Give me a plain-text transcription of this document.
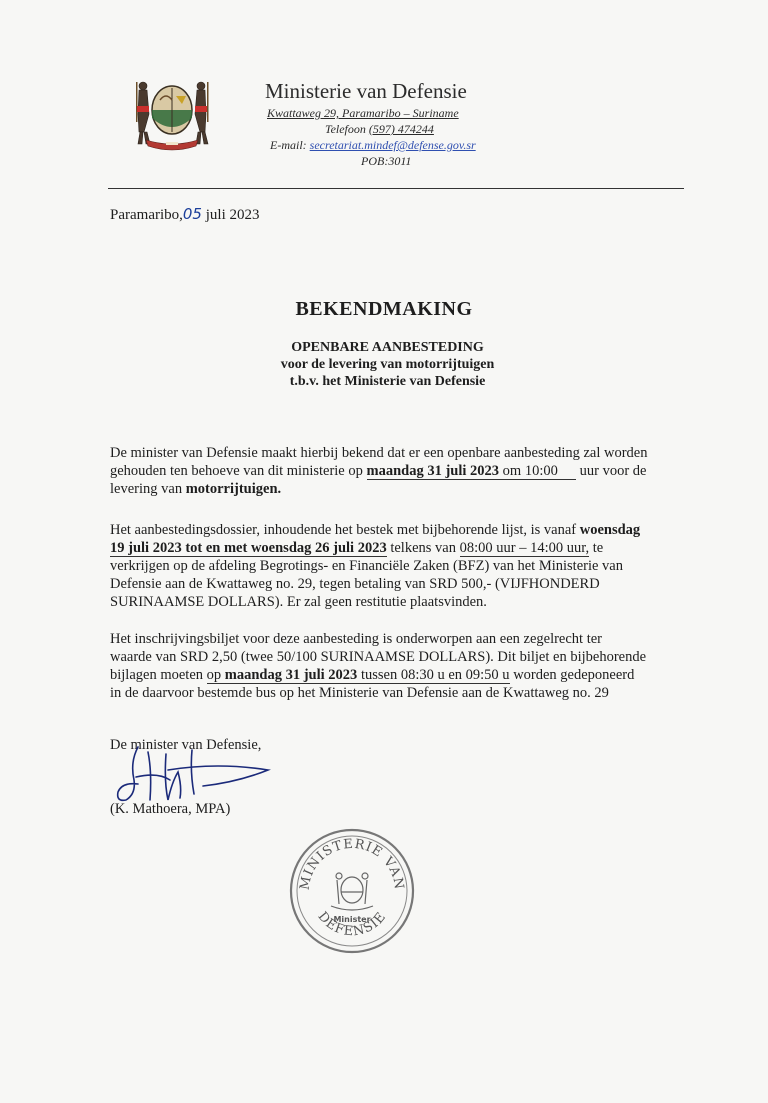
Ministerie van Defensie
Kwattaweg 29, Paramaribo – Suriname
Telefoon (597) 474244
E-mail: secretariat.mindef@defense.gov.sr
POB:3011
Paramaribo,05 juli 2023
BEKENDMAKING
OPENBARE AANBESTEDING
voor de levering van motorrijtuigen
t.b.v. het Ministerie van Defensie
De minister van Defensie maakt hierbij bekend dat er een openbare aanbesteding zal worden
gehouden ten behoeve van dit ministerie op maandag 31 juli 2023 om 10:00      uur voor de
levering van motorrijtuigen.
Het aanbestedingsdossier, inhoudende het bestek met bijbehorende lijst, is vanaf woensdag
19 juli 2023 tot en met woensdag 26 juli 2023 telkens van 08:00 uur – 14:00 uur, te
verkrijgen op de afdeling Begrotings- en Financiële Zaken (BFZ) van het Ministerie van
Defensie aan de Kwattaweg no. 29, tegen betaling van SRD 500,- (VIJFHONDERD
SURINAAMSE DOLLARS). Er zal geen restitutie plaatsvinden.
Het inschrijvingsbiljet voor deze aanbesteding is onderworpen aan een zegelrecht ter
waarde van SRD 2,50 (twee 50/100 SURINAAMSE DOLLARS). Dit biljet en bijbehorende
bijlagen moeten op maandag 31 juli 2023 tussen 08:30 u en 09:50 u worden gedeponeerd
in de daarvoor bestemde bus op het Ministerie van Defensie aan de Kwattaweg no. 29
De minister van Defensie,
(K. Mathoera, MPA)
MINISTERIE VAN
DEFENSIE
Minister
